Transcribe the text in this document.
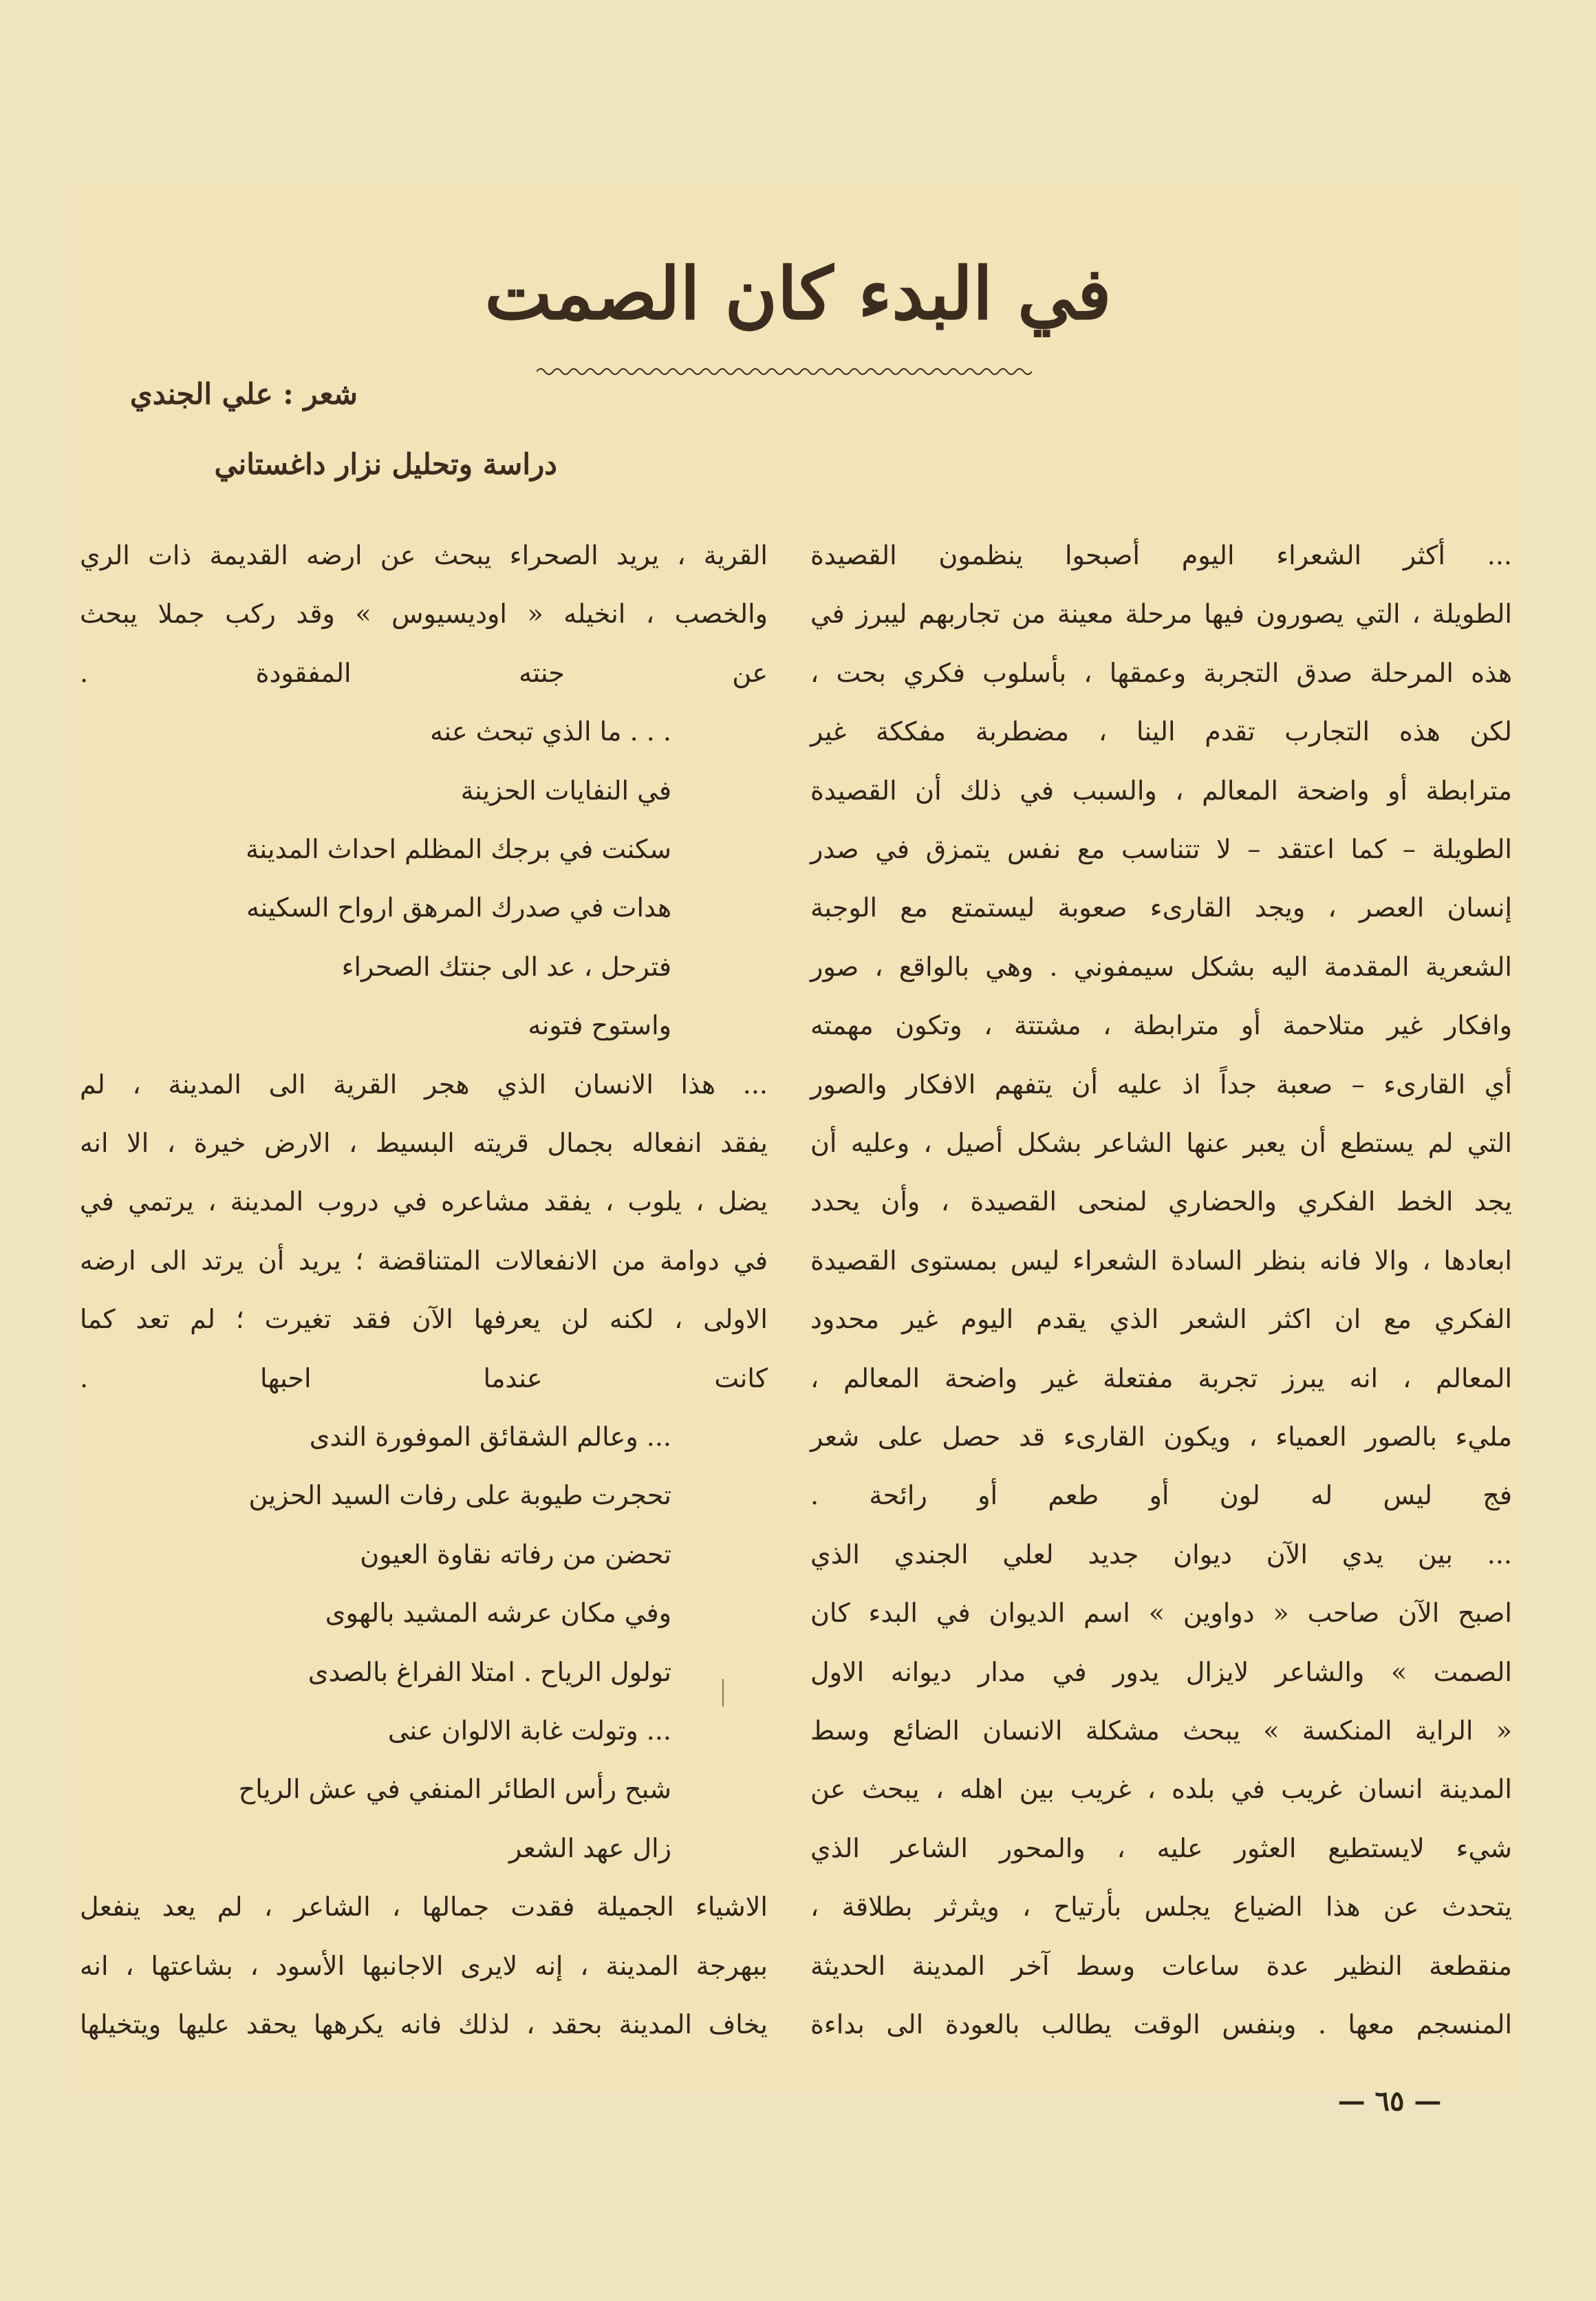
في البدء كان الصمت
شعر : علي الجندي
دراسة وتحليل نزار داغستاني
... أكثر الشعراء اليوم أصبحوا ينظمون القصيدة
الطويلة ، التي يصورون فيها مرحلة معينة من تجاربهم ليبرز في
هذه المرحلة صدق التجربة وعمقها ، بأسلوب فكري بحت ،
لكن هذه التجارب تقدم الينا ، مضطربة مفككة غير
مترابطة أو واضحة المعالم ، والسبب في ذلك أن القصيدة
الطويلة – كما اعتقد – لا تتناسب مع نفس يتمزق في صدر
إنسان العصر ، ويجد القارىء صعوبة ليستمتع مع الوجبة
الشعرية المقدمة اليه بشكل سيمفوني . وهي بالواقع ، صور
وافكار غير متلاحمة أو مترابطة ، مشتتة ، وتكون مهمته
أي القارىء – صعبة جداً اذ عليه أن يتفهم الافكار والصور
التي لم يستطع أن يعبر عنها الشاعر بشكل أصيل ، وعليه أن
يجد الخط الفكري والحضاري لمنحى القصيدة ، وأن يحدد
ابعادها ، والا فانه بنظر السادة الشعراء ليس بمستوى القصيدة
الفكري مع ان اكثر الشعر الذي يقدم اليوم غير محدود
المعالم ، انه يبرز تجربة مفتعلة غير واضحة المعالم ،
مليء بالصور العمياء ، ويكون القارىء قد حصل على شعر
فج ليس له لون أو طعم أو رائحة .
... بين يدي الآن ديوان جديد لعلي الجندي الذي
اصبح الآن صاحب « دواوين » اسم الديوان في البدء كان
الصمت » والشاعر لايزال يدور في مدار ديوانه الاول
« الراية المنكسة » يبحث مشكلة الانسان الضائع وسط
المدينة انسان غريب في بلده ، غريب بين اهله ، يبحث عن
شيء لايستطيع العثور عليه ، والمحور الشاعر الذي
يتحدث عن هذا الضياع يجلس بأرتياح ، ويثرثر بطلاقة ،
منقطعة النظير عدة ساعات وسط آخر المدينة الحديثة
المنسجم معها . وبنفس الوقت يطالب بالعودة الى بداءة
القرية ، يريد الصحراء يبحث عن ارضه القديمة ذات الري
والخصب ، انخيله « اوديسيوس » وقد ركب جملا يبحث
عن جنته المفقودة .
. . . ما الذي تبحث عنه
في النفايات الحزينة
سكنت في برجك المظلم احداث المدينة
هدات في صدرك المرهق ارواح السكينه
فترحل ، عد الى جنتك الصحراء
واستوح فتونه
... هذا الانسان الذي هجر القرية الى المدينة ، لم
يفقد انفعاله بجمال قريته البسيط ، الارض خيرة ، الا انه
يضل ، يلوب ، يفقد مشاعره في دروب المدينة ، يرتمي في
في دوامة من الانفعالات المتناقضة ؛ يريد أن يرتد الى ارضه
الاولى ، لكنه لن يعرفها الآن فقد تغيرت ؛ لم تعد كما
كانت عندما احبها .
... وعالم الشقائق الموفورة الندى
تحجرت طيوبة على رفات السيد الحزين
تحضن من رفاته نقاوة العيون
وفي مكان عرشه المشيد بالهوى
تولول الرياح . امتلا الفراغ بالصدى
... وتولت غابة الالوان عنى
شبح رأس الطائر المنفي في عش الرياح
زال عهد الشعر
الاشياء الجميلة فقدت جمالها ، الشاعر ، لم يعد ينفعل
ببهرجة المدينة ، إنه لايرى الاجانبها الأسود ، بشاعتها ، انه
يخاف المدينة بحقد ، لذلك فانه يكرهها يحقد عليها ويتخيلها
— ٦٥ —
